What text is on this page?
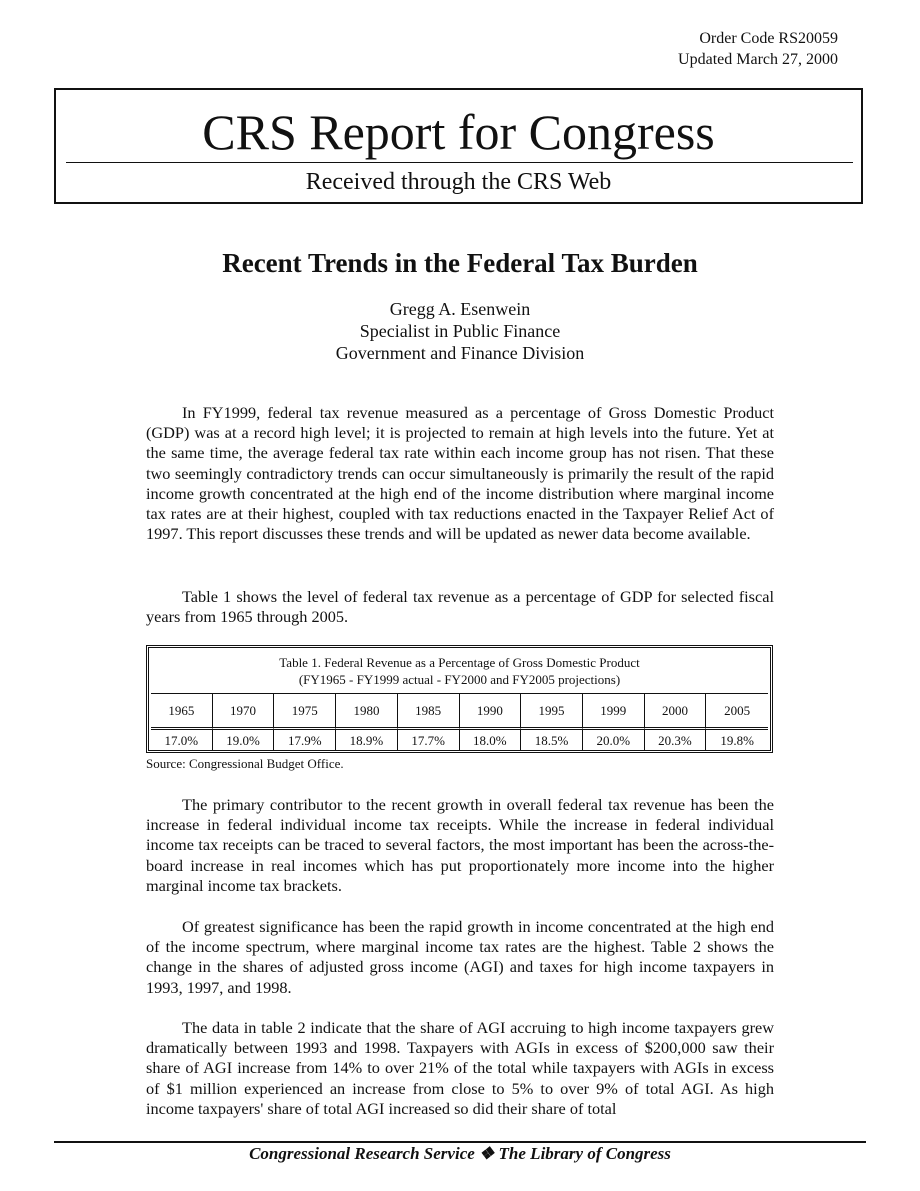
Order Code RS20059
Updated March 27, 2000
CRS Report for Congress
Received through the CRS Web
Recent Trends in the Federal Tax Burden
Gregg A. Esenwein
Specialist in Public Finance
Government and Finance Division

In FY1999, federal tax revenue measured as a percentage of Gross Domestic Product (GDP) was at a record high level; it is projected to remain at high levels into the future. Yet at the same time, the average federal tax rate within each income group has not risen. That these two seemingly contradictory trends can occur simultaneously is primarily the result of the rapid income growth concentrated at the high end of the income distribution where marginal income tax rates are at their highest, coupled with tax reductions enacted in the Taxpayer Relief Act of 1997. This report discusses these trends and will be updated as newer data become available.

Table 1 shows the level of federal tax revenue as a percentage of GDP for selected fiscal years from 1965 through 2005.

Table 1. Federal Revenue as a Percentage of Gross Domestic Product
(FY1965 - FY1999 actual - FY2000 and FY2005 projections)
1965	1970	1975	1980	1985	1990	1995	1999	2000	2005
17.0%	19.0%	17.9%	18.9%	17.7%	18.0%	18.5%	20.0%	20.3%	19.8%
Source: Congressional Budget Office.

The primary contributor to the recent growth in overall federal tax revenue has been the increase in federal individual income tax receipts. While the increase in federal individual income tax receipts can be traced to several factors, the most important has been the across-the-board increase in real incomes which has put proportionately more income into the higher marginal income tax brackets.

Of greatest significance has been the rapid growth in income concentrated at the high end of the income spectrum, where marginal income tax rates are the highest. Table 2 shows the change in the shares of adjusted gross income (AGI) and taxes for high income taxpayers in 1993, 1997, and 1998.

The data in table 2 indicate that the share of AGI accruing to high income taxpayers grew dramatically between 1993 and 1998. Taxpayers with AGIs in excess of $200,000 saw their share of AGI increase from 14% to over 21% of the total while taxpayers with AGIs in excess of $1 million experienced an increase from close to 5% to over 9% of total AGI. As high income taxpayers' share of total AGI increased so did their share of total

Congressional Research Service ❖ The Library of Congress
